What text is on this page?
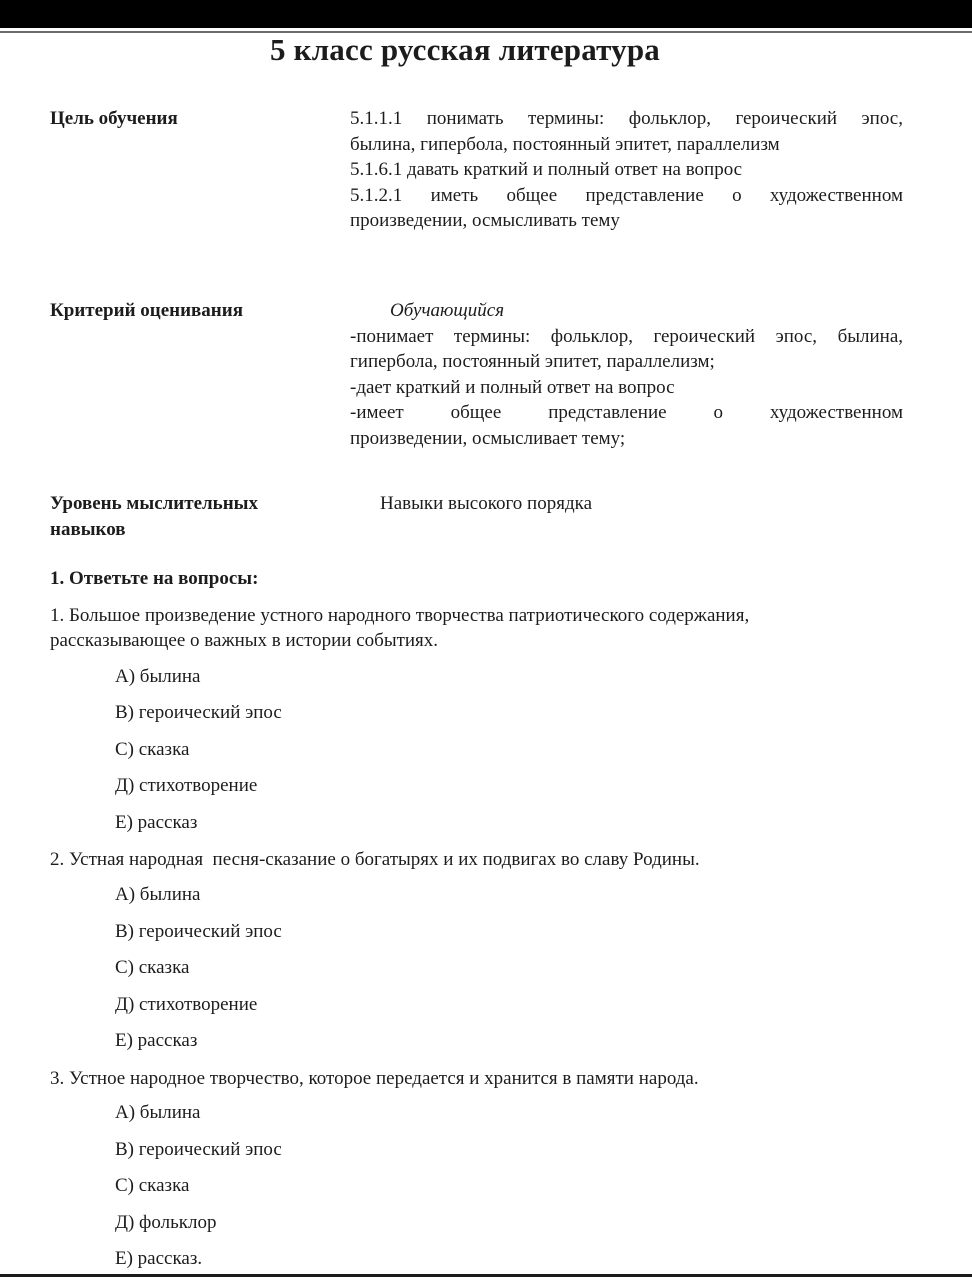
5 класс русская литература
Цель обучения	5.1.1.1 понимать термины: фольклор, героический эпос,
былина, гипербола, постоянный эпитет, параллелизм
5.1.6.1 давать краткий и полный ответ на вопрос
5.1.2.1 иметь общее представление о художественном
произведении, осмысливать тему
Критерий оценивания	Обучающийся
-понимает термины: фольклор, героический эпос, былина,
гипербола, постоянный эпитет, параллелизм;
-дает краткий и полный ответ на вопрос
-имеет общее представление о художественном
произведении, осмысливает тему;
Уровень мыслительных
навыков
Навыки высокого порядка
1. Ответьте на вопросы:
1. Большое произведение устного народного творчества патриотического содержания,
рассказывающее о важных в истории событиях.
А) былина
В) героический эпос
С) сказка
Д) стихотворение
Е) рассказ
2. Устная народная  песня-сказание о богатырях и их подвигах во славу Родины.
А) былина
В) героический эпос
С) сказка
Д) стихотворение
Е) рассказ
3. Устное народное творчество, которое передается и хранится в памяти народа.
А) былина
В) героический эпос
С) сказка
Д) фольклор
Е) рассказ.
